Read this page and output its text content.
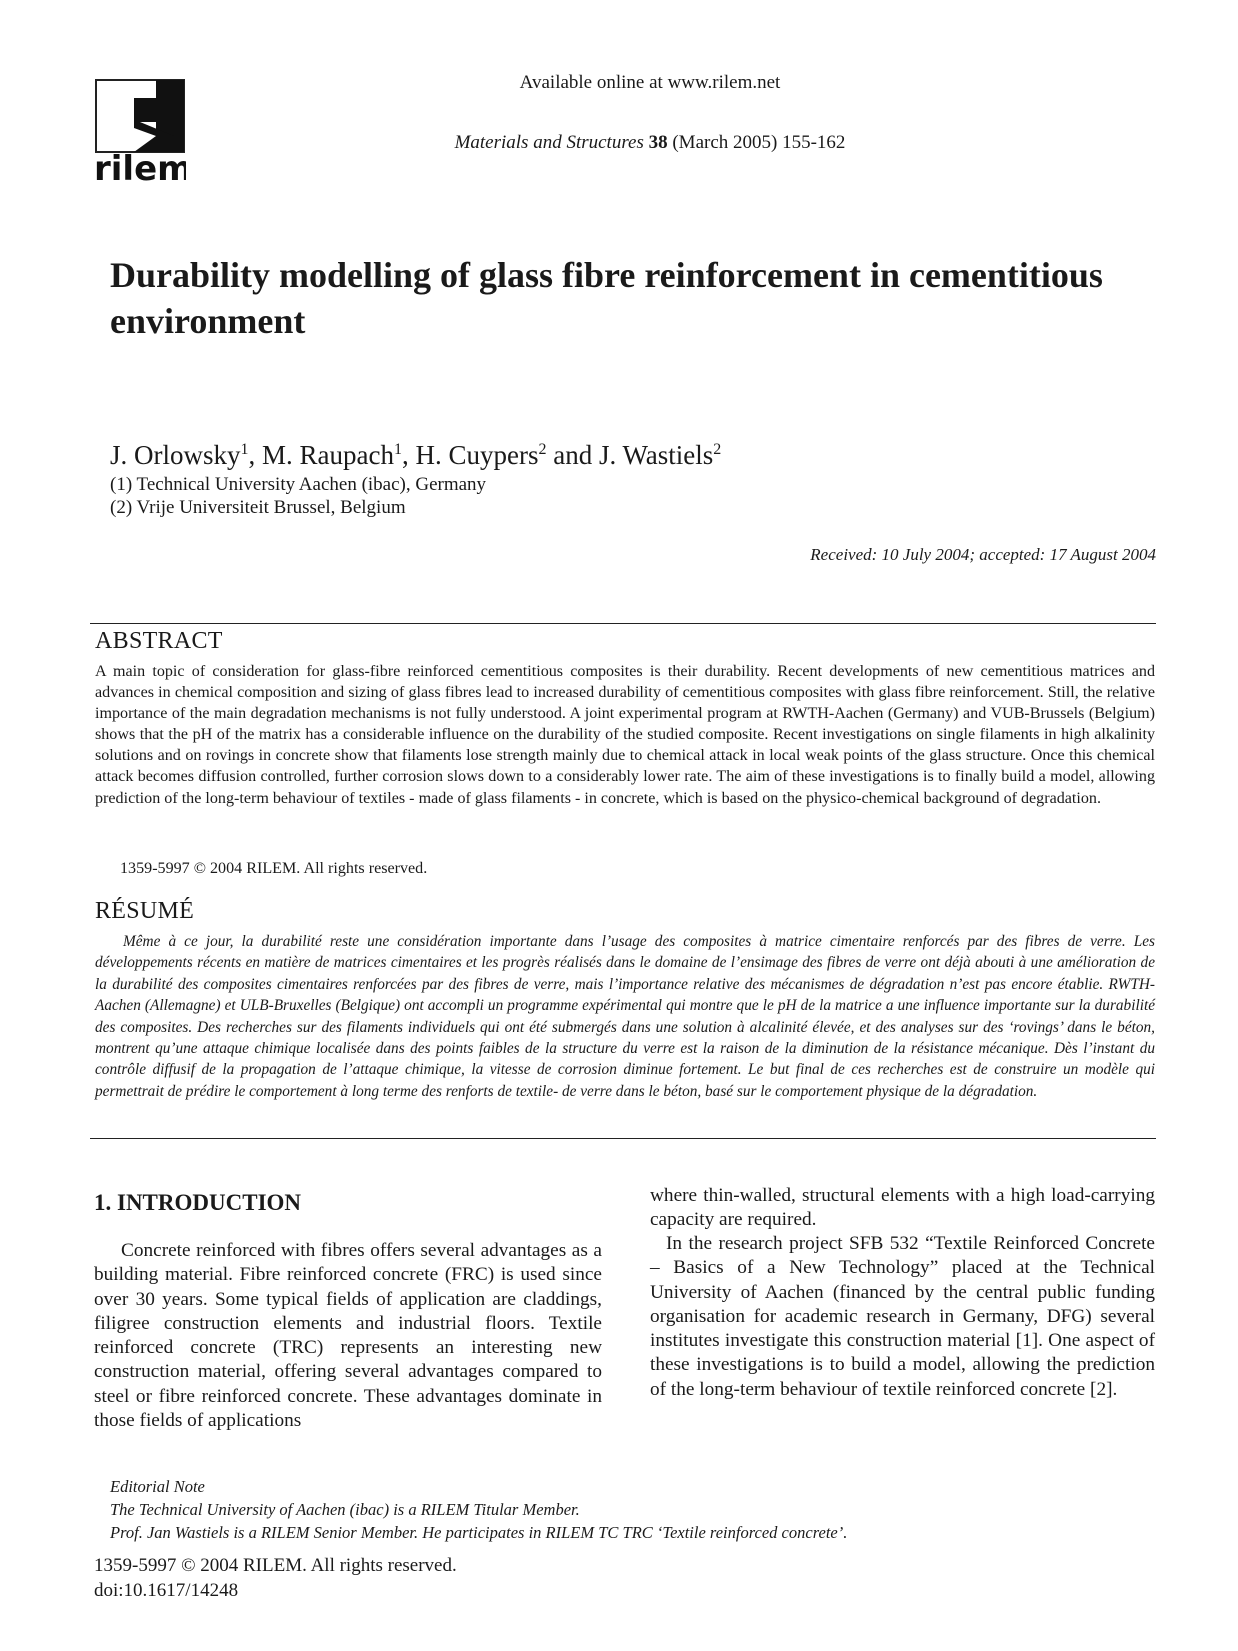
rilem
Available online at www.rilem.net
Materials and Structures 38 (March 2005) 155-162
Durability modelling of glass fibre reinforcement in cementitious environment
J. Orlowsky$^1$, M. Raupach$^1$, H. Cuypers$^2$ and J. Wastiels$^2$
(1) Technical University Aachen (ibac), Germany
(2) Vrije Universiteit Brussel, Belgium
Received: 10 July 2004; accepted: 17 August 2004
ABSTRACT

A main topic of consideration for glass-fibre reinforced cementitious composites is their durability. Recent developments of new cementitious matrices and advances in chemical composition and sizing of glass fibres lead to increased durability of cementitious composites with glass fibre reinforcement. Still, the relative importance of the main degradation mechanisms is not fully understood. A joint experimental program at RWTH-Aachen (Germany) and VUB-Brussels (Belgium) shows that the pH of the matrix has a considerable influence on the durability of the studied composite. Recent investigations on single filaments in high alkalinity solutions and on rovings in concrete show that filaments lose strength mainly due to chemical attack in local weak points of the glass structure. Once this chemical attack becomes diffusion controlled, further corrosion slows down to a considerably lower rate. The aim of these investigations is to finally build a model, allowing prediction of the long-term behaviour of textiles - made of glass filaments - in concrete, which is based on the physico-chemical background of degradation.

1359-5997 © 2004 RILEM. All rights reserved.
RÉSUMÉ

Même à ce jour, la durabilité reste une considération importante dans l’usage des composites à matrice cimentaire renforcés par des fibres de verre. Les développements récents en matière de matrices cimentaires et les progrès réalisés dans le domaine de l’ensimage des fibres de verre ont déjà abouti à une amélioration de la durabilité des composites cimentaires renforcées par des fibres de verre, mais l’importance relative des mécanismes de dégradation n’est pas encore établie. RWTH-Aachen (Allemagne) et ULB-Bruxelles (Belgique) ont accompli un programme expérimental qui montre que le pH de la matrice a une influence importante sur la durabilité des composites. Des recherches sur des filaments individuels qui ont été submergés dans une solution à alcalinité élevée, et des analyses sur des ‘rovings’ dans le béton, montrent qu’une attaque chimique localisée dans des points faibles de la structure du verre est la raison de la diminution de la résistance mécanique. Dès l’instant du contrôle diffusif de la propagation de l’attaque chimique, la vitesse de corrosion diminue fortement. Le but final de ces recherches est de construire un modèle qui permettrait de prédire le comportement à long terme des renforts de textile- de verre dans le béton, basé sur le comportement physique de la dégradation.

1. INTRODUCTION

Concrete reinforced with fibres offers several advantages as a building material. Fibre reinforced concrete (FRC) is used since over 30 years. Some typical fields of application are claddings, filigree construction elements and industrial floors. Textile reinforced concrete (TRC) represents an interesting new construction material, offering several advantages compared to steel or fibre reinforced concrete. These advantages dominate in those fields of applications

where thin-walled, structural elements with a high load-carrying capacity are required.

In the research project SFB 532 “Textile Reinforced Concrete – Basics of a New Technology” placed at the Technical University of Aachen (financed by the central public funding organisation for academic research in Germany, DFG) several institutes investigate this construction material [1]. One aspect of these investigations is to build a model, allowing the prediction of the long-term behaviour of textile reinforced concrete [2].

Editorial Note
The Technical University of Aachen (ibac) is a RILEM Titular Member.
Prof. Jan Wastiels is a RILEM Senior Member. He participates in RILEM TC TRC ‘Textile reinforced concrete’.
1359-5997 © 2004 RILEM. All rights reserved.
doi:10.1617/14248
